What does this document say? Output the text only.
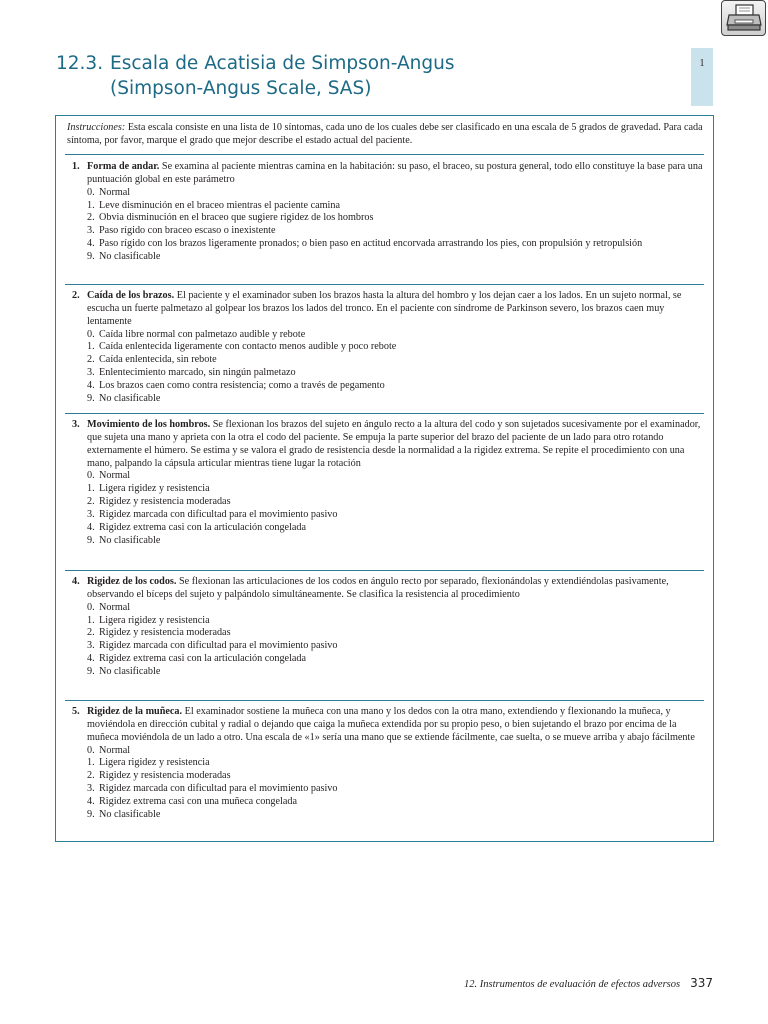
12.3. Escala de Acatisia de Simpson-Angus
(Simpson-Angus Scale, SAS)
1
Instrucciones: Esta escala consiste en una lista de 10 síntomas, cada uno de los cuales debe ser clasificado en una escala de 5 grados de gravedad. Para cada síntoma, por favor, marque el grado que mejor describe el estado actual del paciente.
1. Forma de andar. Se examina al paciente mientras camina en la habitación: su paso, el braceo, su postura general, todo ello constituye la base para una puntuación global en este parámetro
0. Normal
1. Leve disminución en el braceo mientras el paciente camina
2. Obvia disminución en el braceo que sugiere rigidez de los hombros
3. Paso rígido con braceo escaso o inexistente
4. Paso rígido con los brazos ligeramente pronados; o bien paso en actitud encorvada arrastrando los pies, con propulsión y retropulsión
9. No clasificable
2. Caída de los brazos. El paciente y el examinador suben los brazos hasta la altura del hombro y los dejan caer a los lados. En un sujeto normal, se escucha un fuerte palmetazo al golpear los brazos los lados del tronco. En el paciente con síndrome de Parkinson severo, los brazos caen muy lentamente
0. Caída libre normal con palmetazo audible y rebote
1. Caída enlentecida ligeramente con contacto menos audible y poco rebote
2. Caída enlentecida, sin rebote
3. Enlentecimiento marcado, sin ningún palmetazo
4. Los brazos caen como contra resistencia; como a través de pegamento
9. No clasificable
3. Movimiento de los hombros. Se flexionan los brazos del sujeto en ángulo recto a la altura del codo y son sujetados sucesivamente por el examinador, que sujeta una mano y aprieta con la otra el codo del paciente. Se empuja la parte superior del brazo del paciente de un lado para otro rotando externamente el húmero. Se estima y se valora el grado de resistencia desde la normalidad a la rigidez extrema. Se repite el procedimiento con una mano, palpando la cápsula articular mientras tiene lugar la rotación
0. Normal
1. Ligera rigidez y resistencia
2. Rigidez y resistencia moderadas
3. Rigidez marcada con dificultad para el movimiento pasivo
4. Rigidez extrema casi con la articulación congelada
9. No clasificable
4. Rigidez de los codos. Se flexionan las articulaciones de los codos en ángulo recto por separado, flexionándolas y extendiéndolas pasivamente, observando el bíceps del sujeto y palpándolo simultáneamente. Se clasifica la resistencia al procedimiento
0. Normal
1. Ligera rigidez y resistencia
2. Rigidez y resistencia moderadas
3. Rigidez marcada con dificultad para el movimiento pasivo
4. Rigidez extrema casi con la articulación congelada
9. No clasificable
5. Rigidez de la muñeca. El examinador sostiene la muñeca con una mano y los dedos con la otra mano, extendiendo y flexionando la muñeca, y moviéndola en dirección cubital y radial o dejando que caiga la muñeca extendida por su propio peso, o bien sujetando el brazo por encima de la muñeca moviéndola de un lado a otro. Una escala de «1» sería una mano que se extiende fácilmente, cae suelta, o se mueve arriba y abajo fácilmente
0. Normal
1. Ligera rigidez y resistencia
2. Rigidez y resistencia moderadas
3. Rigidez marcada con dificultad para el movimiento pasivo
4. Rigidez extrema casi con una muñeca congelada
9. No clasificable
12. Instrumentos de evaluación de efectos adversos 337
